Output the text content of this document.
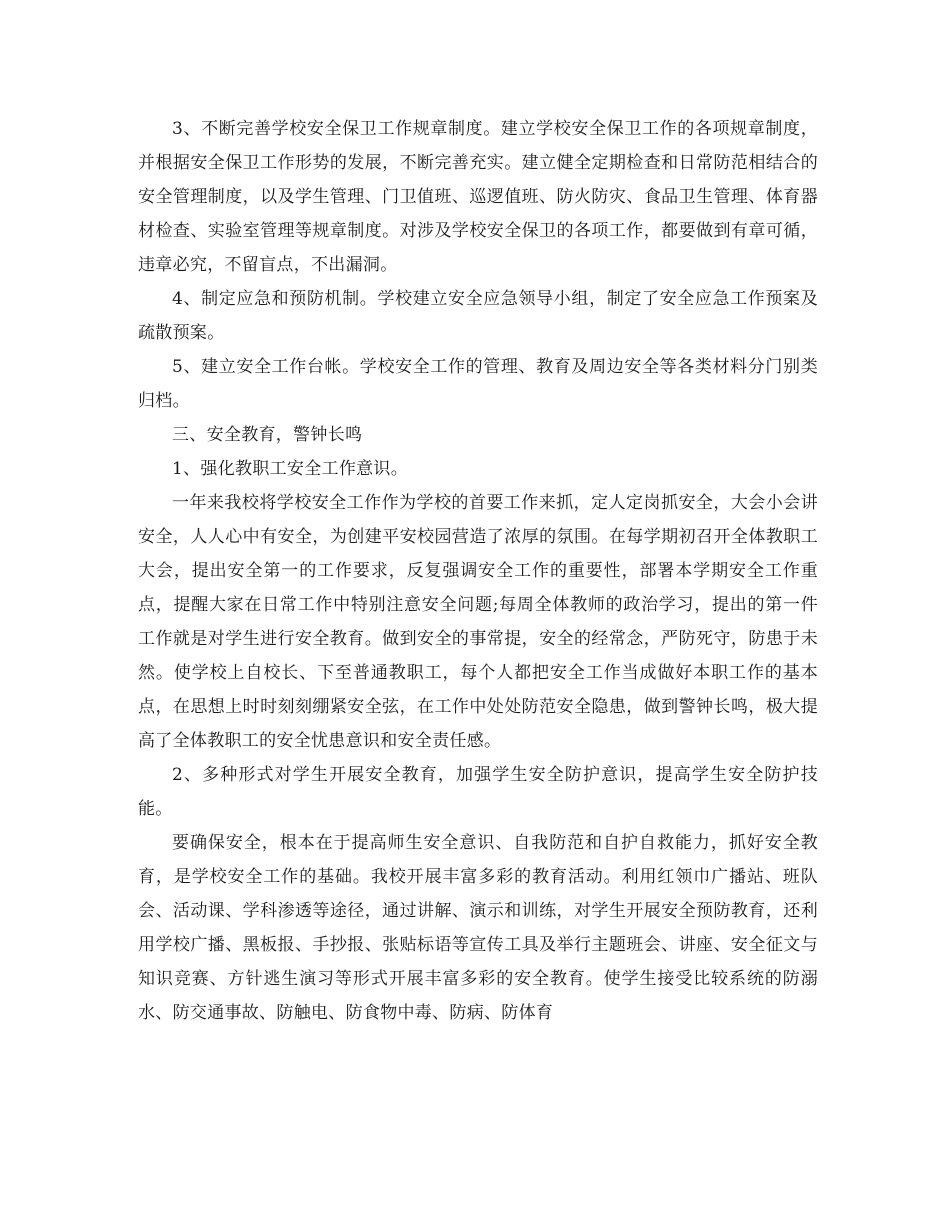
3、不断完善学校安全保卫工作规章制度。建立学校安全保卫工作的各项规章制度，并根据安全保卫工作形势的发展，不断完善充实。建立健全定期检查和日常防范相结合的安全管理制度，以及学生管理、门卫值班、巡逻值班、防火防灾、食品卫生管理、体育器材检查、实验室管理等规章制度。对涉及学校安全保卫的各项工作，都要做到有章可循，违章必究，不留盲点，不出漏洞。

4、制定应急和预防机制。学校建立安全应急领导小组，制定了安全应急工作预案及疏散预案。

5、建立安全工作台帐。学校安全工作的管理、教育及周边安全等各类材料分门别类归档。

三、安全教育，警钟长鸣

1、强化教职工安全工作意识。

一年来我校将学校安全工作作为学校的首要工作来抓，定人定岗抓安全，大会小会讲安全，人人心中有安全，为创建平安校园营造了浓厚的氛围。在每学期初召开全体教职工大会，提出安全第一的工作要求，反复强调安全工作的重要性，部署本学期安全工作重点，提醒大家在日常工作中特别注意安全问题;每周全体教师的政治学习，提出的第一件工作就是对学生进行安全教育。做到安全的事常提，安全的经常念，严防死守，防患于未然。使学校上自校长、下至普通教职工，每个人都把安全工作当成做好本职工作的基本点，在思想上时时刻刻绷紧安全弦，在工作中处处防范安全隐患，做到警钟长鸣，极大提高了全体教职工的安全忧患意识和安全责任感。

2、多种形式对学生开展安全教育，加强学生安全防护意识，提高学生安全防护技能。

要确保安全，根本在于提高师生安全意识、自我防范和自护自救能力，抓好安全教育，是学校安全工作的基础。我校开展丰富多彩的教育活动。利用红领巾广播站、班队会、活动课、学科渗透等途径，通过讲解、演示和训练，对学生开展安全预防教育，还利用学校广播、黑板报、手抄报、张贴标语等宣传工具及举行主题班会、讲座、安全征文与知识竞赛、方针逃生演习等形式开展丰富多彩的安全教育。使学生接受比较系统的防溺水、防交通事故、防触电、防食物中毒、防病、防体育
